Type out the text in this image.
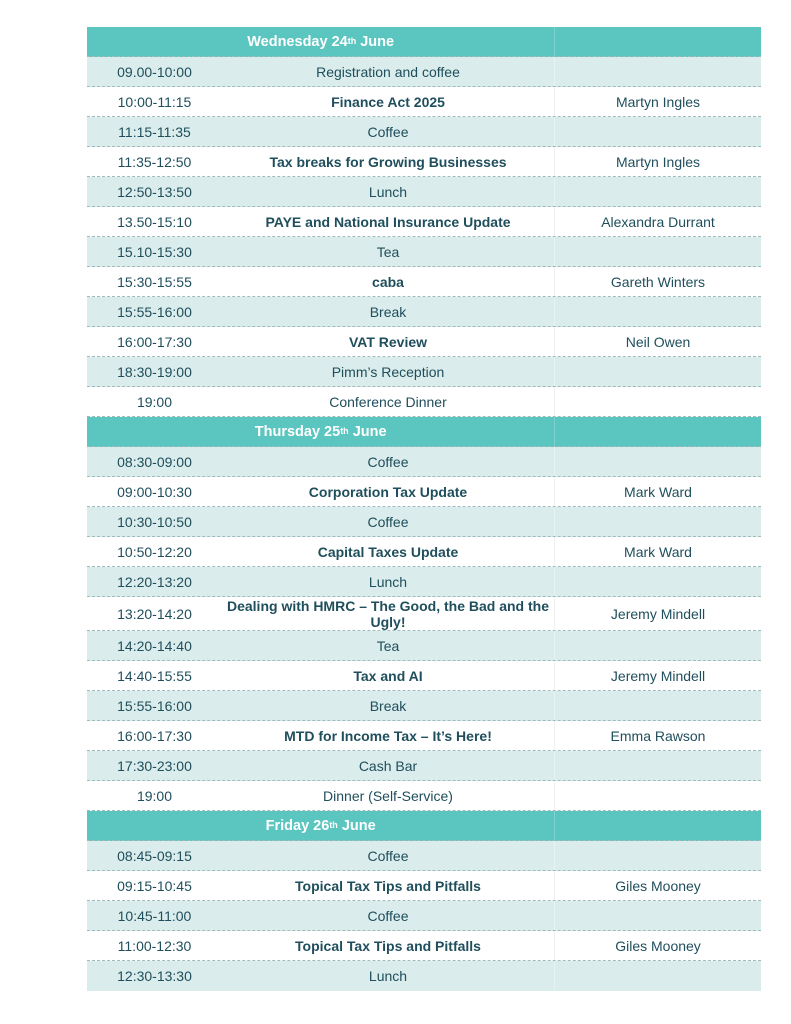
Wednesday 24th June
09.00-10:00	Registration and coffee
10:00-11:15	Finance Act 2025	Martyn Ingles
11:15-11:35	Coffee
11:35-12:50	Tax breaks for Growing Businesses	Martyn Ingles
12:50-13:50	Lunch
13.50-15:10	PAYE and National Insurance Update	Alexandra Durrant
15.10-15:30	Tea
15:30-15:55	caba	Gareth Winters
15:55-16:00	Break
16:00-17:30	VAT Review	Neil Owen
18:30-19:00	Pimm’s Reception
19:00	Conference Dinner
Thursday 25th June
08:30-09:00	Coffee
09:00-10:30	Corporation Tax Update	Mark Ward
10:30-10:50	Coffee
10:50-12:20	Capital Taxes Update	Mark Ward
12:20-13:20	Lunch
13:20-14:20	Dealing with HMRC – The Good, the Bad and the Ugly!	Jeremy Mindell
14:20-14:40	Tea
14:40-15:55	Tax and AI	Jeremy Mindell
15:55-16:00	Break
16:00-17:30	MTD for Income Tax – It’s Here!	Emma Rawson
17:30-23:00	Cash Bar
19:00	Dinner (Self-Service)
Friday 26th June
08:45-09:15	Coffee
09:15-10:45	Topical Tax Tips and Pitfalls	Giles Mooney
10:45-11:00	Coffee
11:00-12:30	Topical Tax Tips and Pitfalls	Giles Mooney
12:30-13:30	Lunch
